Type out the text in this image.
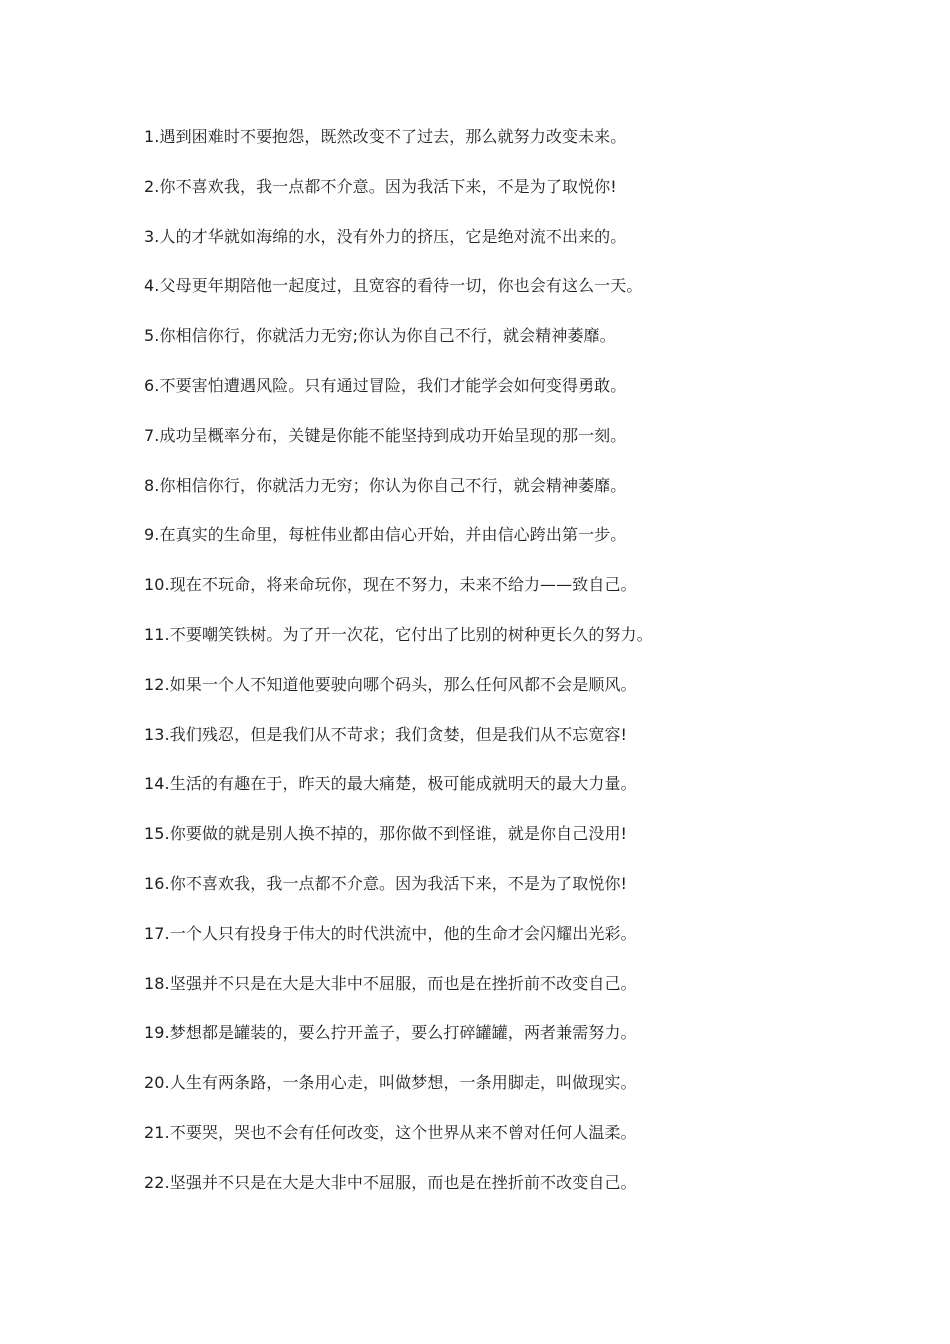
1.遇到困难时不要抱怨，既然改变不了过去，那么就努力改变未来。
2.你不喜欢我，我一点都不介意。因为我活下来，不是为了取悦你!
3.人的才华就如海绵的水，没有外力的挤压，它是绝对流不出来的。
4.父母更年期陪他一起度过，且宽容的看待一切，你也会有这么一天。
5.你相信你行，你就活力无穷;你认为你自己不行，就会精神萎靡。
6.不要害怕遭遇风险。只有通过冒险，我们才能学会如何变得勇敢。
7.成功呈概率分布，关键是你能不能坚持到成功开始呈现的那一刻。
8.你相信你行，你就活力无穷；你认为你自己不行，就会精神萎靡。
9.在真实的生命里，每桩伟业都由信心开始，并由信心跨出第一步。
10.现在不玩命，将来命玩你，现在不努力，未来不给力——致自己。
11.不要嘲笑铁树。为了开一次花，它付出了比别的树种更长久的努力。
12.如果一个人不知道他要驶向哪个码头，那么任何风都不会是顺风。
13.我们残忍，但是我们从不苛求；我们贪婪，但是我们从不忘宽容!
14.生活的有趣在于，昨天的最大痛楚，极可能成就明天的最大力量。
15.你要做的就是别人换不掉的，那你做不到怪谁，就是你自己没用!
16.你不喜欢我，我一点都不介意。因为我活下来，不是为了取悦你!
17.一个人只有投身于伟大的时代洪流中，他的生命才会闪耀出光彩。
18.坚强并不只是在大是大非中不屈服，而也是在挫折前不改变自己。
19.梦想都是罐装的，要么拧开盖子，要么打碎罐罐，两者兼需努力。
20.人生有两条路，一条用心走，叫做梦想，一条用脚走，叫做现实。
21.不要哭，哭也不会有任何改变，这个世界从来不曾对任何人温柔。
22.坚强并不只是在大是大非中不屈服，而也是在挫折前不改变自己。
